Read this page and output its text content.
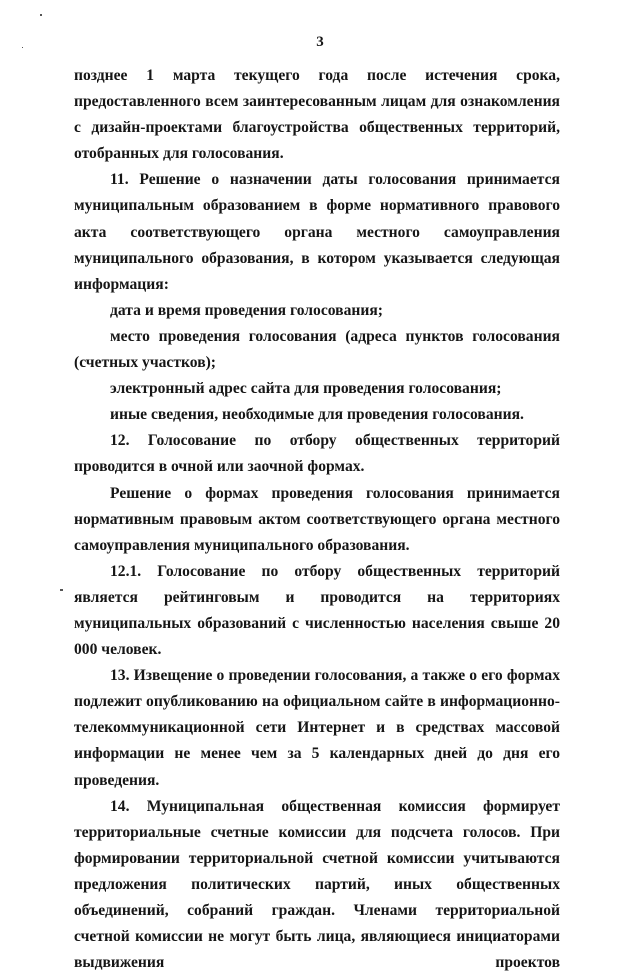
3

позднее 1 марта текущего года после истечения срока, предоставленного всем заинтересованным лицам для ознакомления с дизайн-проектами благоустройства общественных территорий, отобранных для голосования.

11. Решение о назначении даты голосования принимается муниципальным образованием в форме нормативного правового акта соответствующего органа местного самоуправления муниципального образования, в котором указывается следующая информация:

дата и время проведения голосования;

место проведения голосования (адреса пунктов голосования (счетных участков);

электронный адрес сайта для проведения голосования;

иные сведения, необходимые для проведения голосования.

12. Голосование по отбору общественных территорий проводится в очной или заочной формах.

Решение о формах проведения голосования принимается нормативным правовым актом соответствующего органа местного самоуправления муниципального образования.

12.1. Голосование по отбору общественных территорий является рейтинговым и проводится на территориях муниципальных образований с численностью населения свыше 20 000 человек.

13. Извещение о проведении голосования, а также о его формах подлежит опубликованию на официальном сайте в информационно-телекоммуникационной сети Интернет и в средствах массовой информации не менее чем за 5 календарных дней до дня его проведения.

14. Муниципальная общественная комиссия формирует территориальные счетные комиссии для подсчета голосов. При формировании территориальной счетной комиссии учитываются предложения политических партий, иных общественных объединений, собраний граждан. Членами территориальной счетной комиссии не могут быть лица, являющиеся инициаторами выдвижения проектов
